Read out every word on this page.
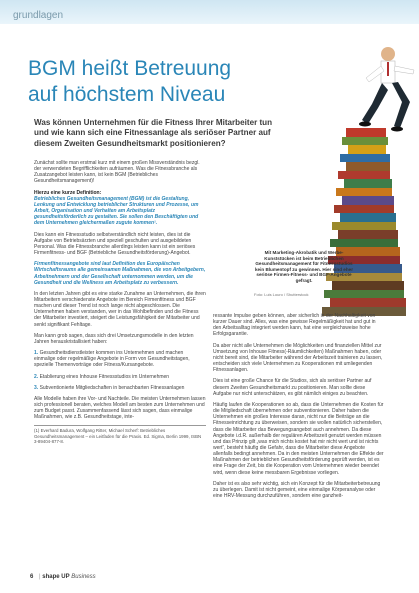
grundlagen
BGM heißt Betreuung
auf höchstem Niveau
Was können Unternehmen für die Fitness Ihrer Mitarbeiter tun und wie kann sich eine Fitnessanlage als seriöser Partner auf diesem Zweiten Gesundheitsmarkt positionieren?
Mit Marketing-Akrobatik und Werbe-Kunststücken ist beim Betrieblichen Gesundheitsmanagement für Fitnessstudios kein Blumentopf zu gewinnen. Hier sind eher seriöse Firmen-Fitness- und BGF-Angebote gefragt.
Foto: Luis Louro / Shutterstock

Zunächst sollte man erstmal kurz mit einem großen Missverständnis bezgl. der verwendeten Begrifflichkeiten aufräumen. Was die Fitnessbranche als Zusatzangebot leisten kann, ist kein BGM (Betriebliches Gesundheitsmanagement)!

Hierzu eine kurze Definition:

Betriebliches Gesundheitsmanagement (BGM) ist die Gestaltung, Lenkung und Entwicklung betrieblicher Strukturen und Prozesse, um Arbeit, Organisation und Verhalten am Arbeitsplatz gesundheitsförderlich zu gestalten. Sie sollen den Beschäftigten und dem Unternehmen gleichermaßen zugute kommen¹.

Dies kann ein Fitnessstudio selbstverständlich nicht leisten, dies ist die Aufgabe von Betriebsärzten und speziell geschulten und ausgebildeten Personal. Was die Fitnessbranche allerdings leisten kann ist ein seriöses Firmenfitness- und BGF (Betriebliche Gesundheitsförderung)-Angebot.

Firmenfitnessangebote sind laut Definition des Europäischen Wirtschaftsraums alle gemeinsamen Maßnahmen, die von Arbeitgebern, Arbeitnehmern und der Gesellschaft unternommen werden, um die Gesundheit und die Wellness am Arbeitsplatz zu verbessern.

In den letzten Jahren gibt es eine starke Zunahme an Unternehmen, die ihren Mitarbeitern verschiedenste Angebote im Bereich Firmenfitness und BGF machen und dieser Trend ist noch lange nicht abgeschlossen. Die Unternehmen haben verstanden, wer in das Wohlbefinden und die Fitness der Mitarbeiter investiert, steigert die Leistungsfähigkeit der Mitarbeiter und senkt signifikant Fehltage.

Man kann grob sagen, dass sich drei Umsetzungsmodelle in den letzten Jahren herauskristallisiert haben:

1. Gesundheitsdienstleister kommen ins Unternehmen und machen einmalige oder regelmäßige Angebote in Form von Gesundheitstagen, spezielle Themenvorträge oder Fitness/Kursangebote.

2. Etablierung eines Inhouse Fitnessstudios im Unternehmen

3. Subventionierte Mitgliedschaften in benachbarten Fitnessanlagen

Alle Modelle haben ihre Vor- und Nachteile. Die meisten Unternehmen lassen sich professionell beraten, welches Modell am besten zum Unternehmen und zum Budget passt. Zusammenfassend lässt sich sagen, dass einmalige Maßnahmen, wie z.B. Gesundheitstage, inte-

(1) Everhard Badura, Wolfgang Ritter, Michael Scherf: Betriebliches Gesundheitsmanagement – ein Leitfaden für die Praxis. Ed. Sigma, Berlin 1999, ISBN 3-89404-877-8.

ressante Impulse geben können, aber sicherlich in der Nachhaltigkeit von kurzer Dauer sind. Alles, was eine gewisse Regelmäßigkeit hat und gut in den Arbeitsalltag integriert werden kann, hat eine vergleichsweise hohe Erfolgsgarantie.

Da aber nicht alle Unternehmen die Möglichkeiten und finanziellen Mittel zur Umsetzung von Inhouse Fitness(-Räumlichkeiten) Maßnahmen haben, oder nicht bereit sind, die Mitarbeiter während der Arbeitszeit trainieren zu lassen, entscheiden sich viele Unternehmen zu Kooperationen mit umliegenden Fitnessanlagen.

Dies ist eine große Chance für die Studios, sich als seriöser Partner auf diesem Zweiten Gesundheitsmarkt zu positionieren. Man sollte diese Aufgabe nur nicht unterschätzen, es gibt nämlich einiges zu beachten.

Häufig laufen die Kooperationen so ab, dass die Unternehmen die Kosten für die Mitgliedschaft übernehmen oder subventionieren. Daher haben die Unternehmen ein großes Interesse daran, nicht nur die Beiträge an die Fitnesseinrichtung zu überweisen, sondern sie wollen natürlich sicherstellen, dass die Mitarbeiter das Bewegungsangebot auch annehmen. Da diese Angebote i.d.R. außerhalb der regulären Arbeitszeit genutzt werden müssen und das Prinzip gilt „was mich nichts kostet hat mir nicht wert und ist nichts wert“, besteht häufig die Gefahr, dass die Mitarbeiter diese Angebote allenfalls bedingt annehmen. Da in den meisten Unternehmen die Effekte der Maßnahmen der betrieblichen Gesundheitsförderung geprüft werden, ist es eine Frage der Zeit, bis die Kooperation vom Unternehmen wieder beendet wird, wenn diese keine messbaren Ergebnisse vorliegen.

Daher ist es also sehr wichtig, sich ein Konzept für die Mitarbeiterbetreuung zu überlegen. Damit ist nicht gemeint, eine einmalige Körperanalyse oder eine HRV-Messung durchzuführen, sondern eine ganzheit-

6 | shape UP Business
